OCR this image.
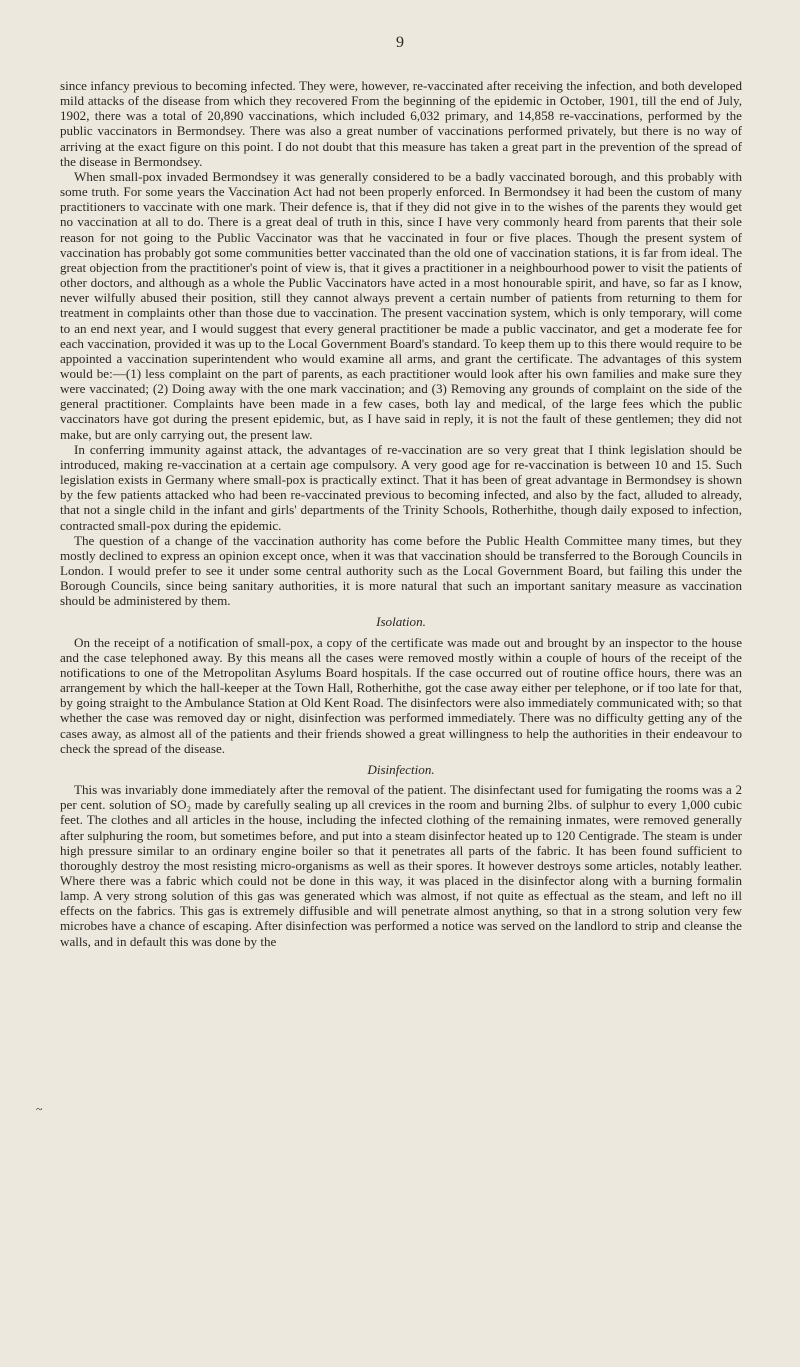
9

since infancy previous to becoming infected. They were, however, re-vaccinated after receiving the infection, and both developed mild attacks of the disease from which they recovered From the beginning of the epidemic in October, 1901, till the end of July, 1902, there was a total of 20,890 vaccinations, which included 6,032 primary, and 14,858 re-vaccinations, performed by the public vaccinators in Bermondsey. There was also a great number of vaccinations performed privately, but there is no way of arriving at the exact figure on this point. I do not doubt that this measure has taken a great part in the prevention of the spread of the disease in Bermondsey.

When small-pox invaded Bermondsey it was generally considered to be a badly vaccinated borough, and this probably with some truth. For some years the Vaccination Act had not been properly enforced. In Bermondsey it had been the custom of many practitioners to vaccinate with one mark. Their defence is, that if they did not give in to the wishes of the parents they would get no vaccination at all to do. There is a great deal of truth in this, since I have very commonly heard from parents that their sole reason for not going to the Public Vaccinator was that he vaccinated in four or five places. Though the present system of vaccination has probably got some communities better vaccinated than the old one of vaccination stations, it is far from ideal. The great objection from the practitioner's point of view is, that it gives a practitioner in a neighbourhood power to visit the patients of other doctors, and although as a whole the Public Vaccinators have acted in a most honourable spirit, and have, so far as I know, never wilfully abused their position, still they cannot always prevent a certain number of patients from returning to them for treatment in complaints other than those due to vaccination. The present vaccination system, which is only temporary, will come to an end next year, and I would suggest that every general practitioner be made a public vaccinator, and get a moderate fee for each vaccination, provided it was up to the Local Government Board's standard. To keep them up to this there would require to be appointed a vaccination superintendent who would examine all arms, and grant the certificate. The advantages of this system would be:—(1) less complaint on the part of parents, as each practitioner would look after his own families and make sure they were vaccinated; (2) Doing away with the one mark vaccination; and (3) Removing any grounds of complaint on the side of the general practitioner. Complaints have been made in a few cases, both lay and medical, of the large fees which the public vaccinators have got during the present epidemic, but, as I have said in reply, it is not the fault of these gentlemen; they did not make, but are only carrying out, the present law.

In conferring immunity against attack, the advantages of re-vaccination are so very great that I think legislation should be introduced, making re-vaccination at a certain age compulsory. A very good age for re-vaccination is between 10 and 15. Such legislation exists in Germany where small-pox is practically extinct. That it has been of great advantage in Bermondsey is shown by the few patients attacked who had been re-vaccinated previous to becoming infected, and also by the fact, alluded to already, that not a single child in the infant and girls' departments of the Trinity Schools, Rotherhithe, though daily exposed to infection, contracted small-pox during the epidemic.

The question of a change of the vaccination authority has come before the Public Health Committee many times, but they mostly declined to express an opinion except once, when it was that vaccination should be transferred to the Borough Councils in London. I would prefer to see it under some central authority such as the Local Government Board, but failing this under the Borough Councils, since being sanitary authorities, it is more natural that such an important sanitary measure as vaccination should be administered by them.

Isolation.

On the receipt of a notification of small-pox, a copy of the certificate was made out and brought by an inspector to the house and the case telephoned away. By this means all the cases were removed mostly within a couple of hours of the receipt of the notifications to one of the Metropolitan Asylums Board hospitals. If the case occurred out of routine office hours, there was an arrangement by which the hall-keeper at the Town Hall, Rotherhithe, got the case away either per telephone, or if too late for that, by going straight to the Ambulance Station at Old Kent Road. The disinfectors were also immediately communicated with; so that whether the case was removed day or night, disinfection was performed immediately. There was no difficulty getting any of the cases away, as almost all of the patients and their friends showed a great willingness to help the authorities in their endeavour to check the spread of the disease.

Disinfection.

This was invariably done immediately after the removal of the patient. The disinfectant used for fumigating the rooms was a 2 per cent. solution of SO₂ made by carefully sealing up all crevices in the room and burning 2lbs. of sulphur to every 1,000 cubic feet. The clothes and all articles in the house, including the infected clothing of the remaining inmates, were removed generally after sulphuring the room, but sometimes before, and put into a steam disinfector heated up to 120 Centigrade. The steam is under high pressure similar to an ordinary engine boiler so that it penetrates all parts of the fabric. It has been found sufficient to thoroughly destroy the most resisting micro-organisms as well as their spores. It however destroys some articles, notably leather. Where there was a fabric which could not be done in this way, it was placed in the disinfector along with a burning formalin lamp. A very strong solution of this gas was generated which was almost, if not quite as effectual as the steam, and left no ill effects on the fabrics. This gas is extremely diffusible and will penetrate almost anything, so that in a strong solution very few microbes have a chance of escaping. After disinfection was performed a notice was served on the landlord to strip and cleanse the walls, and in default this was done by the

~
